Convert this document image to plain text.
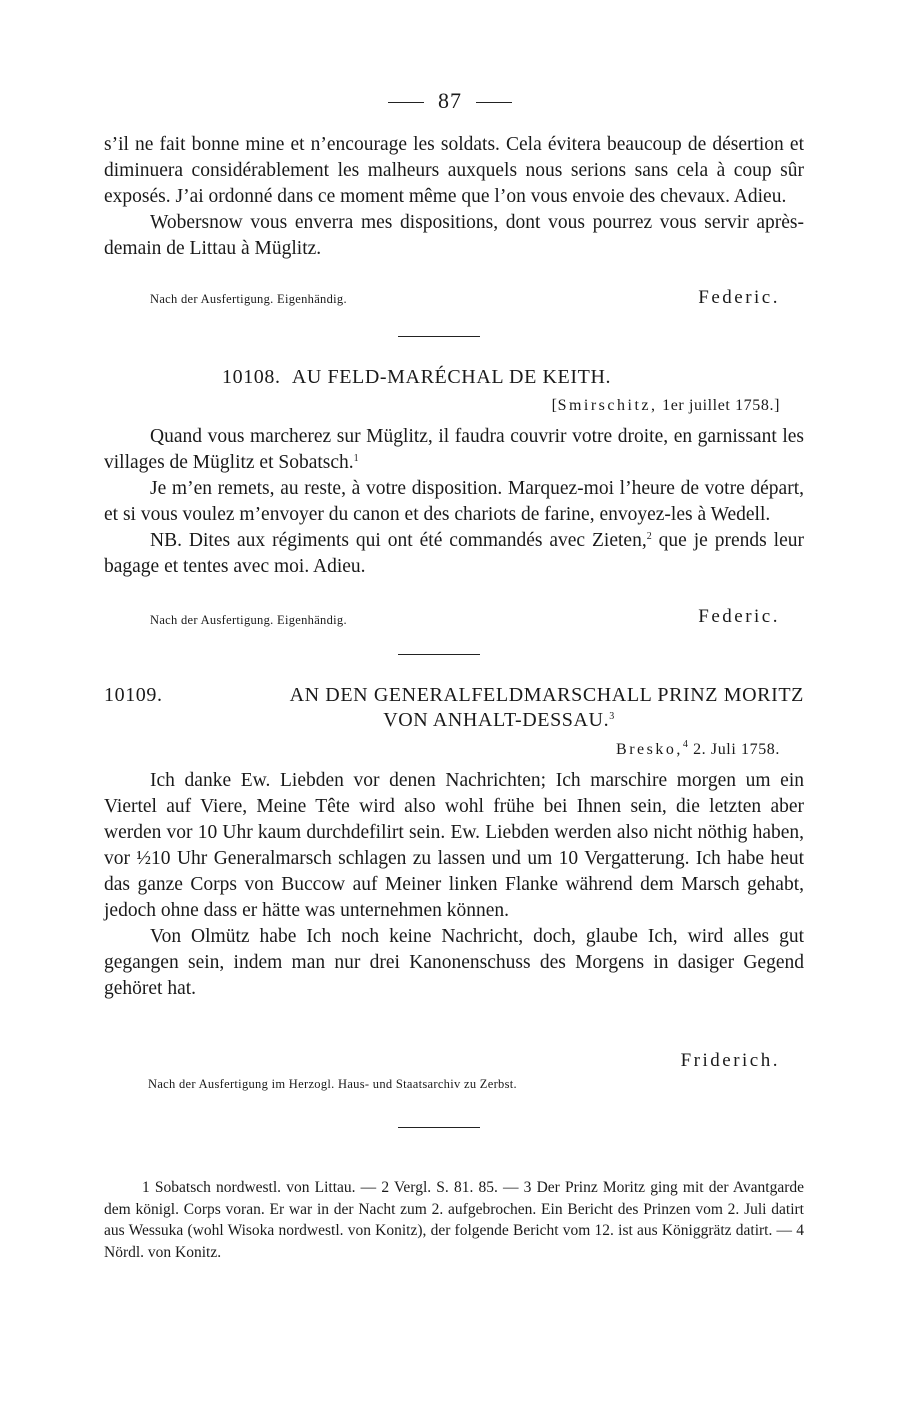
87

s’il ne fait bonne mine et n’encourage les soldats. Cela évitera beaucoup de désertion et diminuera considérablement les malheurs auxquels nous serions sans cela à coup sûr exposés. J’ai ordonné dans ce moment même que l’on vous envoie des chevaux. Adieu.

Wobersnow vous enverra mes dispositions, dont vous pourrez vous servir après-demain de Littau à Müglitz.

Nach der Ausfertigung. Eigenhändig.	Federic.
10108. AU FELD-MARÉCHAL DE KEITH.
[Smirschitz, 1er juillet 1758.]

Quand vous marcherez sur Müglitz, il faudra couvrir votre droite, en garnissant les villages de Müglitz et Sobatsch.$^1$

Je m’en remets, au reste, à votre disposition. Marquez-moi l’heure de votre départ, et si vous voulez m’envoyer du canon et des chariots de farine, envoyez-les à Wedell.

NB. Dites aux régiments qui ont été commandés avec Zieten,$^2$ que je prends leur bagage et tentes avec moi. Adieu.

Nach der Ausfertigung. Eigenhändig.	Federic.
10109.	AN DEN GENERALFELDMARSCHALL PRINZ MORITZ
VON ANHALT-DESSAU.$^3$
Bresko,$^4$ 2. Juli 1758.

Ich danke Ew. Liebden vor denen Nachrichten; Ich marschire morgen um ein Viertel auf Viere, Meine Tête wird also wohl frühe bei Ihnen sein, die letzten aber werden vor 10 Uhr kaum durchdefilirt sein. Ew. Liebden werden also nicht nöthig haben, vor ½10 Uhr Generalmarsch schlagen zu lassen und um 10 Vergatterung. Ich habe heut das ganze Corps von Buccow auf Meiner linken Flanke während dem Marsch gehabt, jedoch ohne dass er hätte was unternehmen können.

Von Olmütz habe Ich noch keine Nachricht, doch, glaube Ich, wird alles gut gegangen sein, indem man nur drei Kanonenschuss des Morgens in dasiger Gegend gehöret hat.

Friderich.
Nach der Ausfertigung im Herzogl. Haus- und Staatsarchiv zu Zerbst.

1 Sobatsch nordwestl. von Littau. — 2 Vergl. S. 81. 85. — 3 Der Prinz Moritz ging mit der Avantgarde dem königl. Corps voran. Er war in der Nacht zum 2. aufgebrochen. Ein Bericht des Prinzen vom 2. Juli datirt aus Wessuka (wohl Wisoka nordwestl. von Konitz), der folgende Bericht vom 12. ist aus Königgrätz datirt. — 4 Nördl. von Konitz.
